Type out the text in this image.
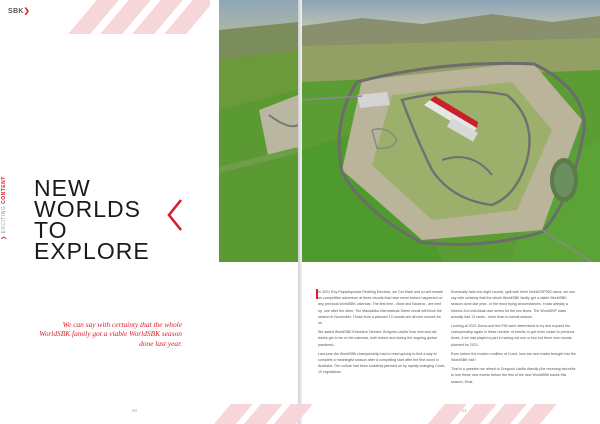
SBK❯
❯ EXCITING CONTENT NEW
WORLDS
TO
EXPLORE
We can say with certainty that the whole WorldSBK family got a viable WorldSBK season done last year.
50

In 2021 Roy Papadopoulos Redding Electrics, we Our Mark and cu will remark an competitive adventure at three circuits that have never before happened on any previous WorldSBK calendar. The first time - Most and Navarra - are next up, one after the other. The Mandalika International Street circuit will finish the season in November. Those from a planned 13 rounds are all new venues for us.

We asked WorldSBK Executive Director Gregorio Lavilla 'how new and old tracks get to be on the calendar, both before and during the ongoing global pandemic.

Last year the WorldSBK championship had to react quickly to find a way to complete a meaningful season after a compelling start after the first round in Australia. The culture had been suddenly jammed on by rapidly changing Covid-19 regulations.

Eventually held one eight rounds, split with three WorldSSP300 races, we can say with certainty that the whole WorldSBK family got a viable WorldSBK season done last year - in the most trying circumstances. It was already a historic 2nd individual race series for the two times. The WorldSSP class actually had 13 races - more than a normal season.

Looking at 2021 Dorna and the FIM were determined to try and expand the championship again in these number of events, to get even closer to previous times, it we had played a part in having not one or two but three new rounds planned for 2021.

Even before the modern realities of Covid, how are new tracks brought into the WorldSBK fold?

That is a question we aimed to Gregorio Lavilla directly (the returning favourite to lure these new events before the first of the new WorldSBK tracks this season, Most.

51
